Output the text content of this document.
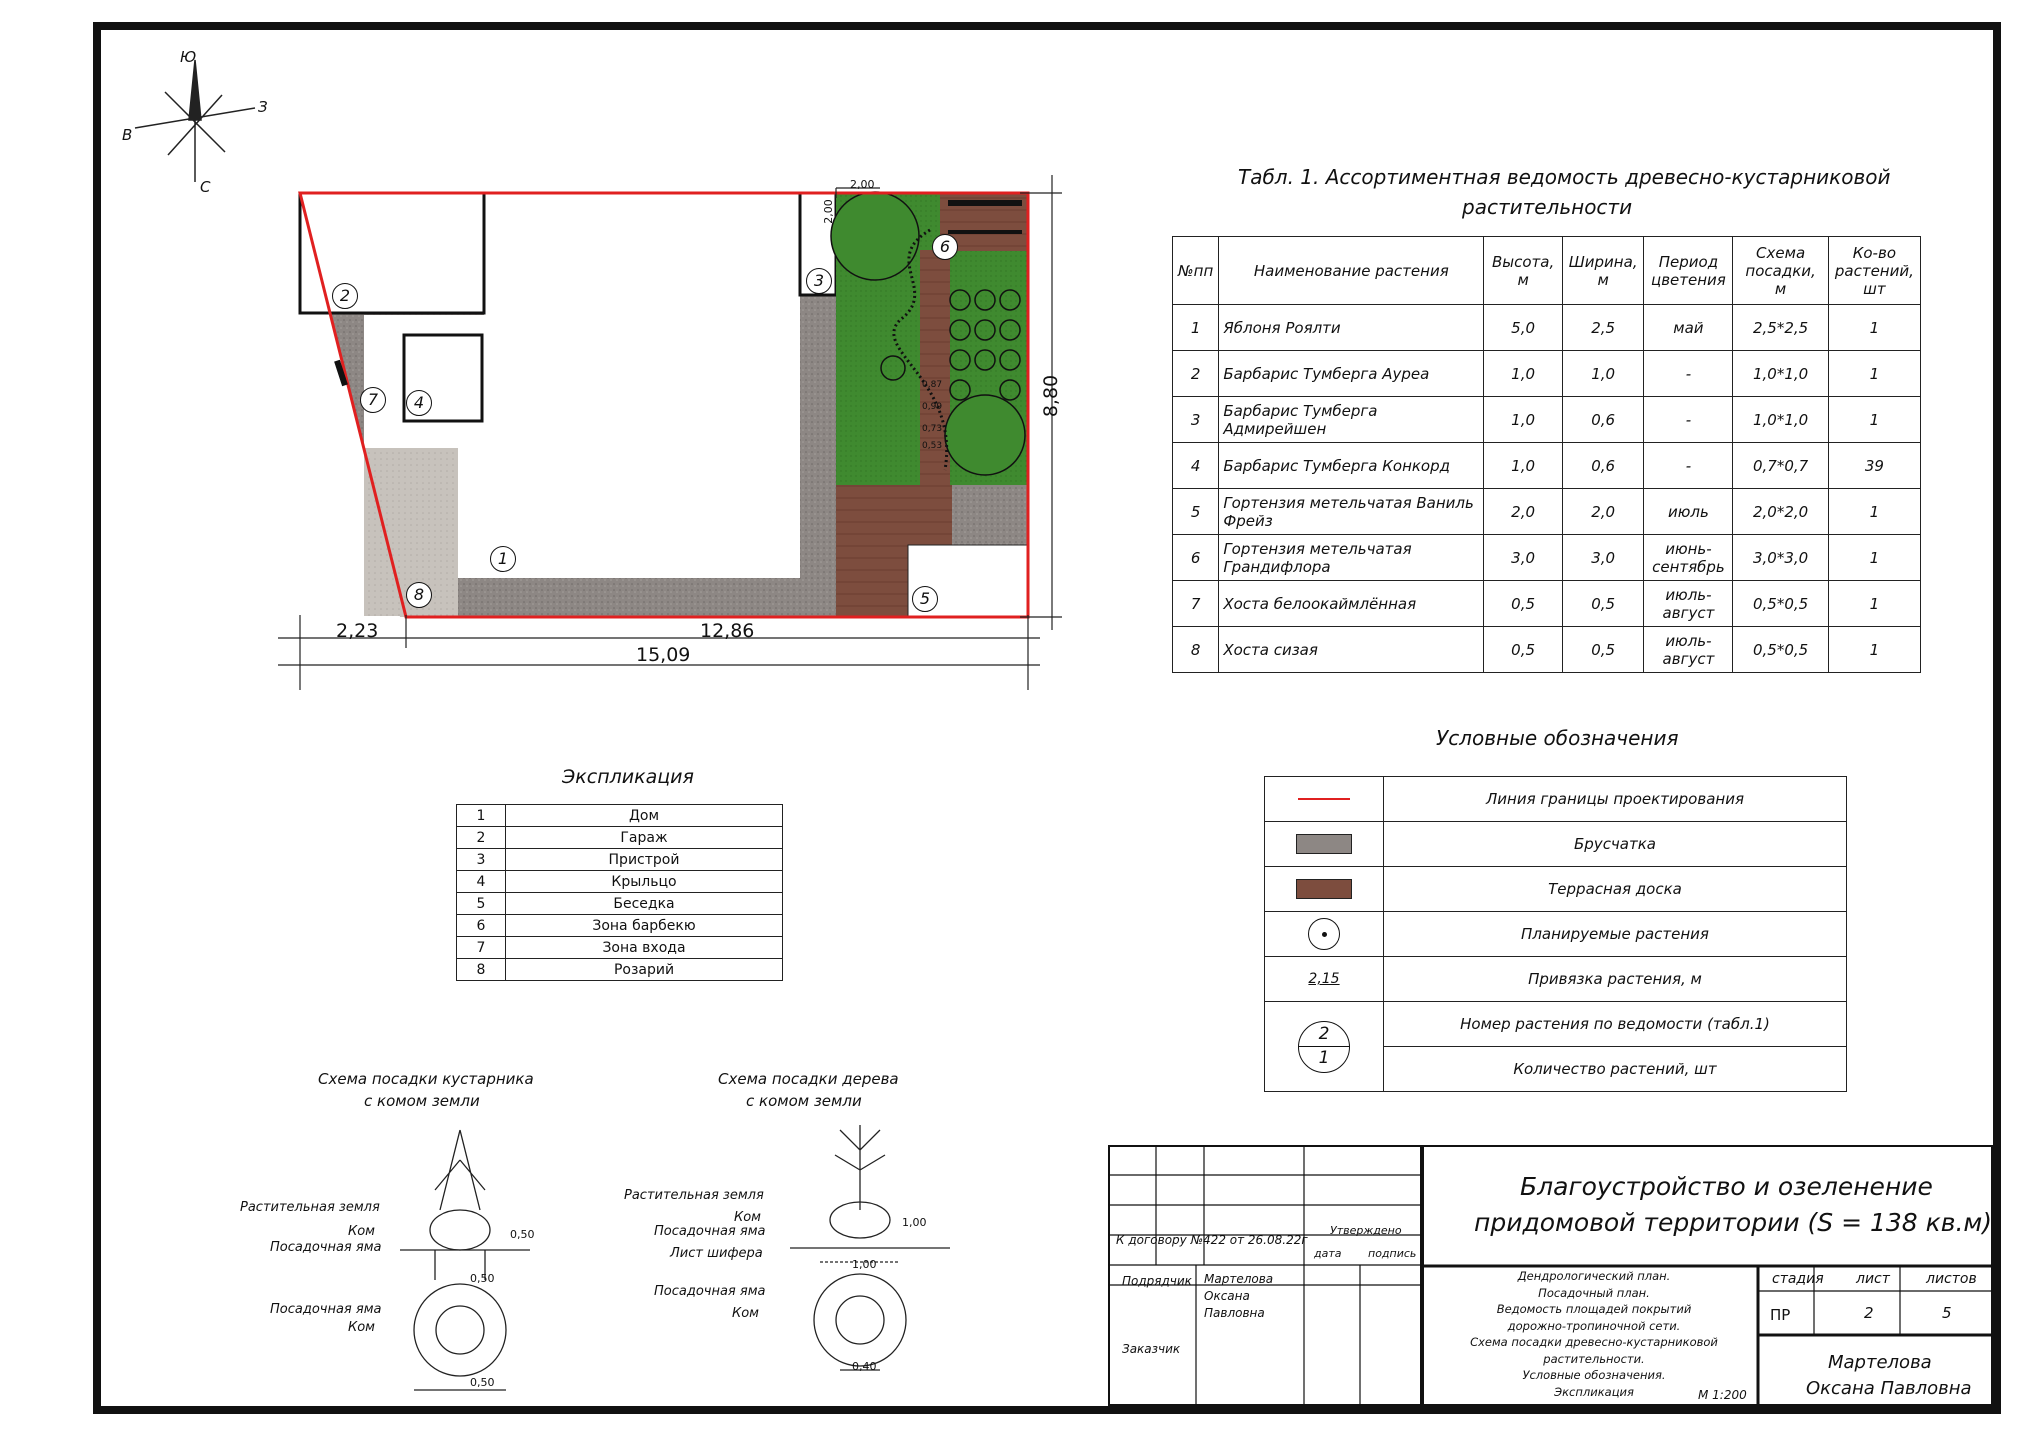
Ю
З
С
В
2,23	12,86
15,09
8,80
2,00
2,00
0,87
0,99
0,73
0,53
1
2
3
4
5
6
7
8
Табл. 1. Ассортиментная ведомость древесно-кустарниковой
растительности
№пп	Наименование растения	Высота, м	Ширина, м	Период цветения	Схема посадки, м	Ко-во растений, шт
1	Яблоня Роялти	5,0	2,5	май	2,5*2,5	1
2	Барбарис Тумберга Ауреа	1,0	1,0	-	1,0*1,0	1
3	Барбарис Тумберга Адмирейшен	1,0	0,6	-	1,0*1,0	1
4	Барбарис Тумберга Конкорд	1,0	0,6	-	0,7*0,7	39
5	Гортензия метельчатая Ваниль Фрейз	2,0	2,0	июль	2,0*2,0	1
6	Гортензия метельчатая Грандифлора	3,0	3,0	июнь-сентябрь	3,0*3,0	1
7	Хоста белоокаймлённая	0,5	0,5	июль-август	0,5*0,5	1
8	Хоста сизая	0,5	0,5	июль-август	0,5*0,5	1
Условные обозначения
	Линия границы проектирования

	Брусчатка

	Террасная доска

	Планируемые растения

2,15	Привязка растения, м

2
1	Номер растения по ведомости (табл.1)
	Количество растений, шт
Экспликация
1	Дом
2	Гараж
3	Пристрой
4	Крыльцо
5	Беседка
6	Зона барбекю
7	Зона входа
8	Розарий
Схема посадки кустарника
с комом земли
Растительная земля
Ком
Посадочная яма
Посадочная яма
Ком
0,50
0,50
0,50
Схема посадки дерева
с комом земли
Растительная земля
Ком
Посадочная яма
Лист шифера
Посадочная яма
Ком
1,00
1,00
0,40
К договору №422 от 26.08.22г
Утверждено
дата подпись
Подрядчик Мартелова
Оксана
Павловна
Заказчик
Благоустройство и озеленение
придомовой территории (S = 138 кв.м)
Дендрологический план.
Посадочный план.
Ведомость площадей покрытий
дорожно-тропиночной сети.
Схема посадки древесно-кустарниковой
растительности.
Условные обозначения.
Экспликация	М 1:200
стадия лист	листов
ПР	2	5
Мартелова
Оксана Павловна
